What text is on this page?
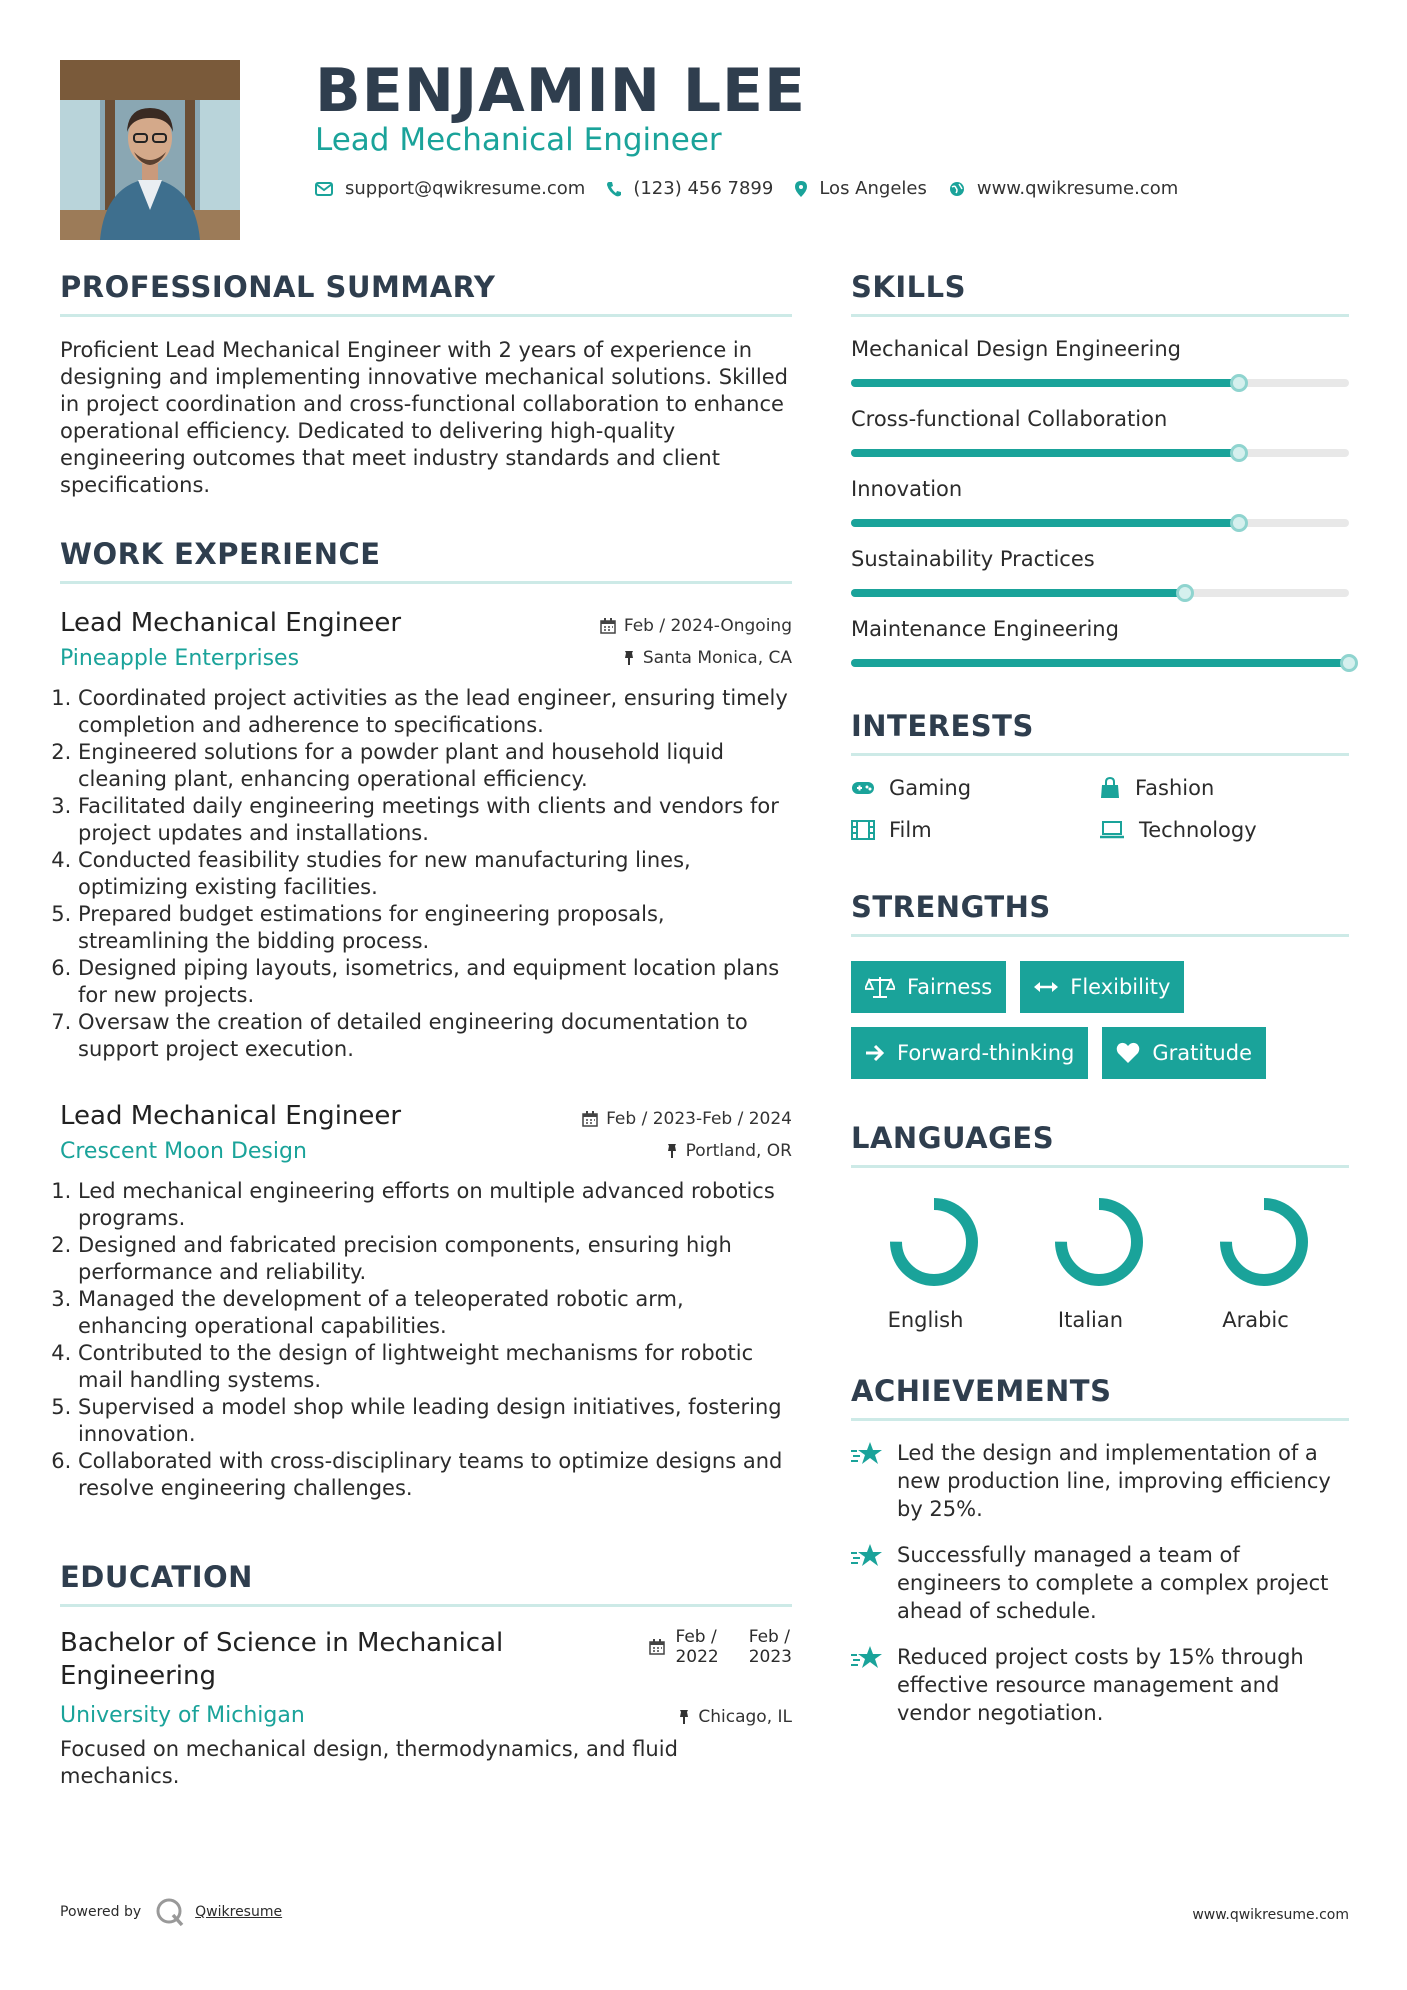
BENJAMIN LEE
Lead Mechanical Engineer
support@qwikresume.com	(123) 456 7899	Los Angeles	www.qwikresume.com
PROFESSIONAL SUMMARY

Proficient Lead Mechanical Engineer with 2 years of experience in designing and implementing innovative mechanical solutions. Skilled in project coordination and cross-functional collaboration to enhance operational efficiency. Dedicated to delivering high-quality engineering outcomes that meet industry standards and client specifications.

WORK EXPERIENCE
Lead Mechanical Engineer	Feb / 2024-Ongoing
Pineapple Enterprises	Santa Monica, CA
1. Coordinated project activities as the lead engineer, ensuring timely completion and adherence to specifications.
2. Engineered solutions for a powder plant and household liquid cleaning plant, enhancing operational efficiency.
3. Facilitated daily engineering meetings with clients and vendors for project updates and installations.
4. Conducted feasibility studies for new manufacturing lines, optimizing existing facilities.
5. Prepared budget estimations for engineering proposals, streamlining the bidding process.
6. Designed piping layouts, isometrics, and equipment location plans for new projects.
7. Oversaw the creation of detailed engineering documentation to support project execution.
Lead Mechanical Engineer	Feb / 2023-Feb / 2024
Crescent Moon Design	Portland, OR
1. Led mechanical engineering efforts on multiple advanced robotics programs.
2. Designed and fabricated precision components, ensuring high performance and reliability.
3. Managed the development of a teleoperated robotic arm, enhancing operational capabilities.
4. Contributed to the design of lightweight mechanisms for robotic mail handling systems.
5. Supervised a model shop while leading design initiatives, fostering innovation.
6. Collaborated with cross-disciplinary teams to optimize designs and resolve engineering challenges.
EDUCATION
Bachelor of Science in Mechanical Engineering
Feb /
2022
Feb /
2023
University of Michigan	Chicago, IL

Focused on mechanical design, thermodynamics, and fluid mechanics.

SKILLS
Mechanical Design Engineering
Cross-functional Collaboration
Innovation
Sustainability Practices
Maintenance Engineering
INTERESTS
Gaming	Fashion
Film	Technology
STRENGTHS
Fairness	Flexibility
Forward-thinking	Gratitude
LANGUAGES
English	Italian	Arabic
ACHIEVEMENTS
Led the design and implementation of a new production line, improving efficiency by 25%.
Successfully managed a team of engineers to complete a complex project ahead of schedule.
Reduced project costs by 15% through effective resource management and vendor negotiation.
Powered by	Qwikresume	www.qwikresume.com
